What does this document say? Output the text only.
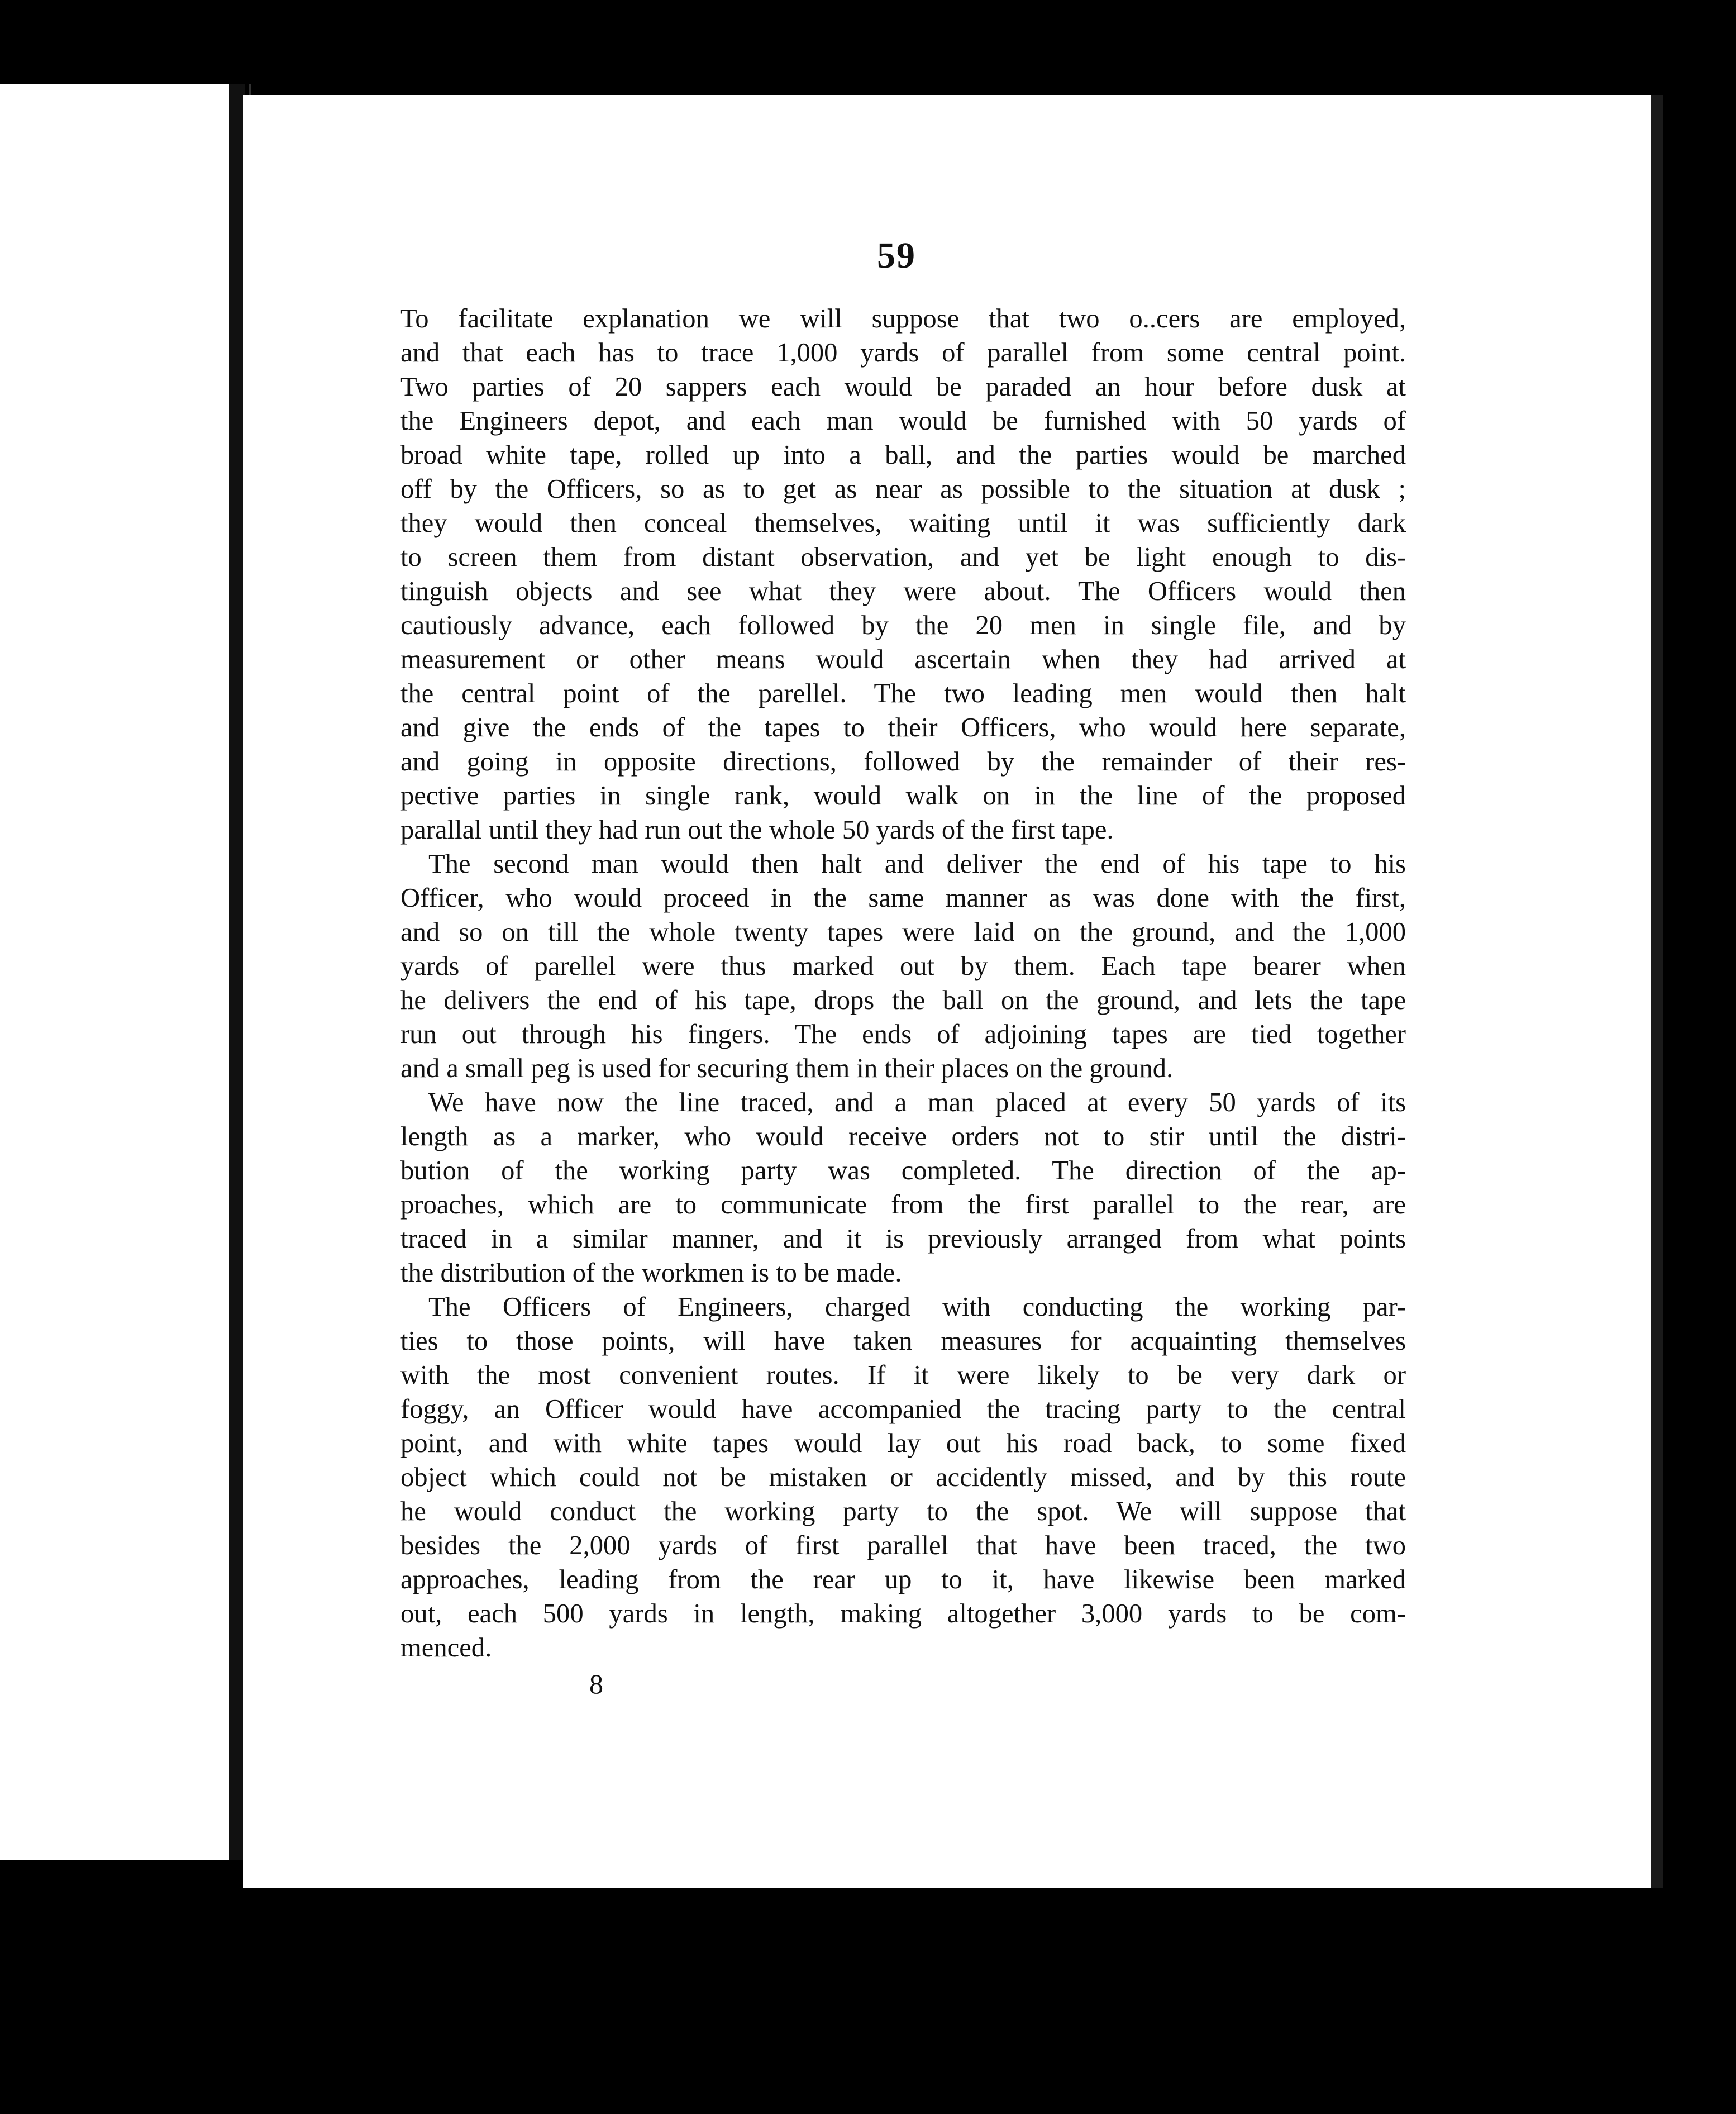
59
To facilitate explanation we will suppose that two o..cers are employed,
and that each has to trace 1,000 yards of parallel from some central point.
Two parties of 20 sappers each would be paraded an hour before dusk at
the Engineers depot, and each man would be furnished with 50 yards of
broad white tape, rolled up into a ball, and the parties would be marched
off by the Officers, so as to get as near as possible to the situation at dusk ;
they would then conceal themselves, waiting until it was sufficiently dark
to screen them from distant observation, and yet be light enough to dis-
tinguish objects and see what they were about. The Officers would then
cautiously advance, each followed by the 20 men in single file, and by
measurement or other means would ascertain when they had arrived at
the central point of the parellel. The two leading men would then halt
and give the ends of the tapes to their Officers, who would here separate,
and going in opposite directions, followed by the remainder of their res-
pective parties in single rank, would walk on in the line of the proposed
parallal until they had run out the whole 50 yards of the first tape.
The second man would then halt and deliver the end of his tape to his
Officer, who would proceed in the same manner as was done with the first,
and so on till the whole twenty tapes were laid on the ground, and the 1,000
yards of parellel were thus marked out by them. Each tape bearer when
he delivers the end of his tape, drops the ball on the ground, and lets the tape
run out through his fingers. The ends of adjoining tapes are tied together
and a small peg is used for securing them in their places on the ground.
We have now the line traced, and a man placed at every 50 yards of its
length as a marker, who would receive orders not to stir until the distri-
bution of the working party was completed. The direction of the ap-
proaches, which are to communicate from the first parallel to the rear, are
traced in a similar manner, and it is previously arranged from what points
the distribution of the workmen is to be made.
The Officers of Engineers, charged with conducting the working par-
ties to those points, will have taken measures for acquainting themselves
with the most convenient routes. If it were likely to be very dark or
foggy, an Officer would have accompanied the tracing party to the central
point, and with white tapes would lay out his road back, to some fixed
object which could not be mistaken or accidently missed, and by this route
he would conduct the working party to the spot. We will suppose that
besides the 2,000 yards of first parallel that have been traced, the two
approaches, leading from the rear up to it, have likewise been marked
out, each 500 yards in length, making altogether 3,000 yards to be com-
menced.
8
